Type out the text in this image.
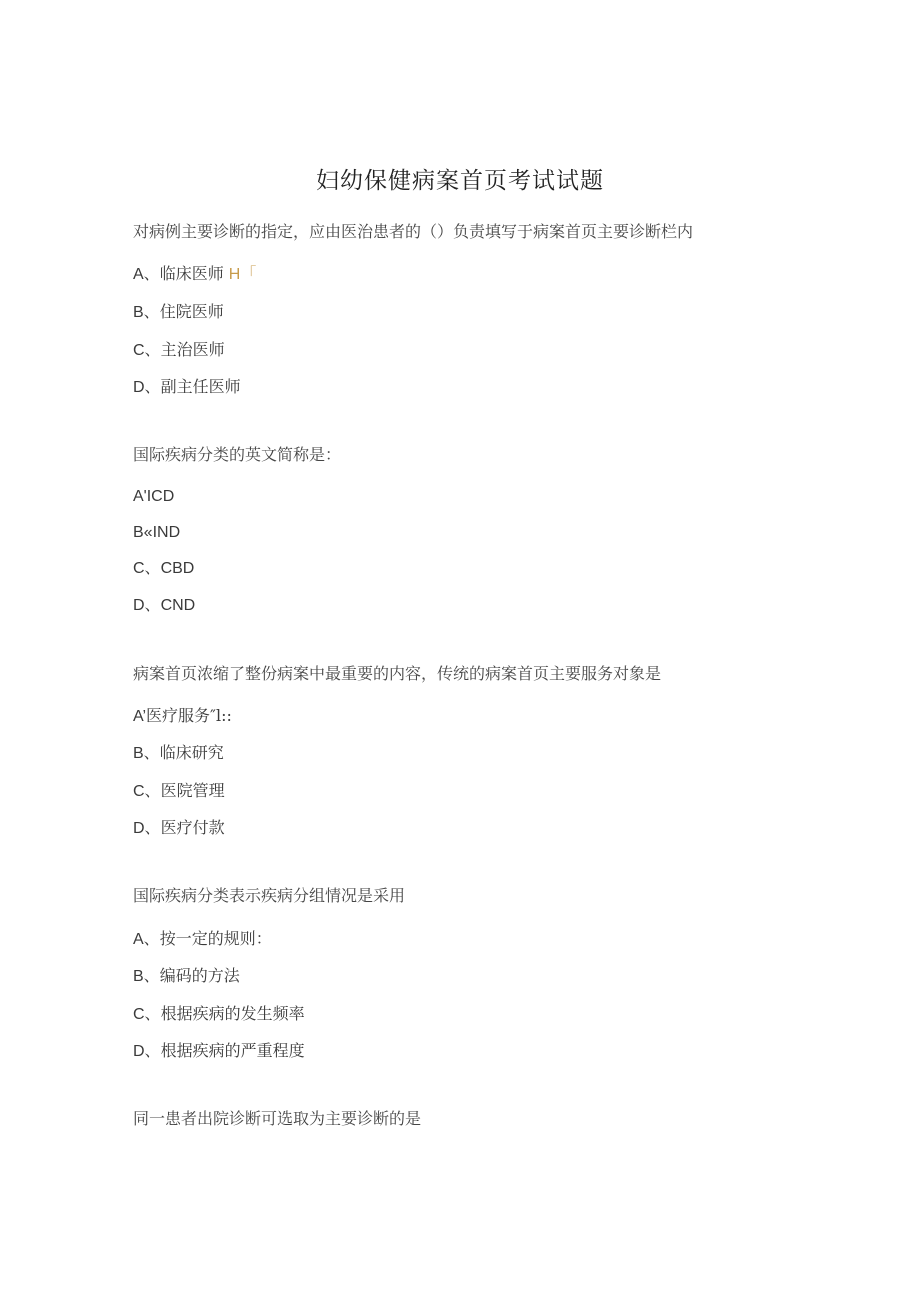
妇幼保健病案首页考试试题
对病例主要诊断的指定，应由医治患者的（）负责填写于病案首页主要诊断栏内
A、临床医师 H「
B、住院医师
C、主治医师
D、副主任医师
国际疾病分类的英文简称是：
A'ICD
B«IND
C、CBD
D、CND
病案首页浓缩了整份病案中最重要的内容，传统的病案首页主要服务对象是
A’医疗服务″l::
B、临床研究
C、医院管理
D、医疗付款
国际疾病分类表示疾病分组情况是采用
A、按一定的规则：
B、编码的方法
C、根据疾病的发生频率
D、根据疾病的严重程度
同一患者出院诊断可选取为主要诊断的是
